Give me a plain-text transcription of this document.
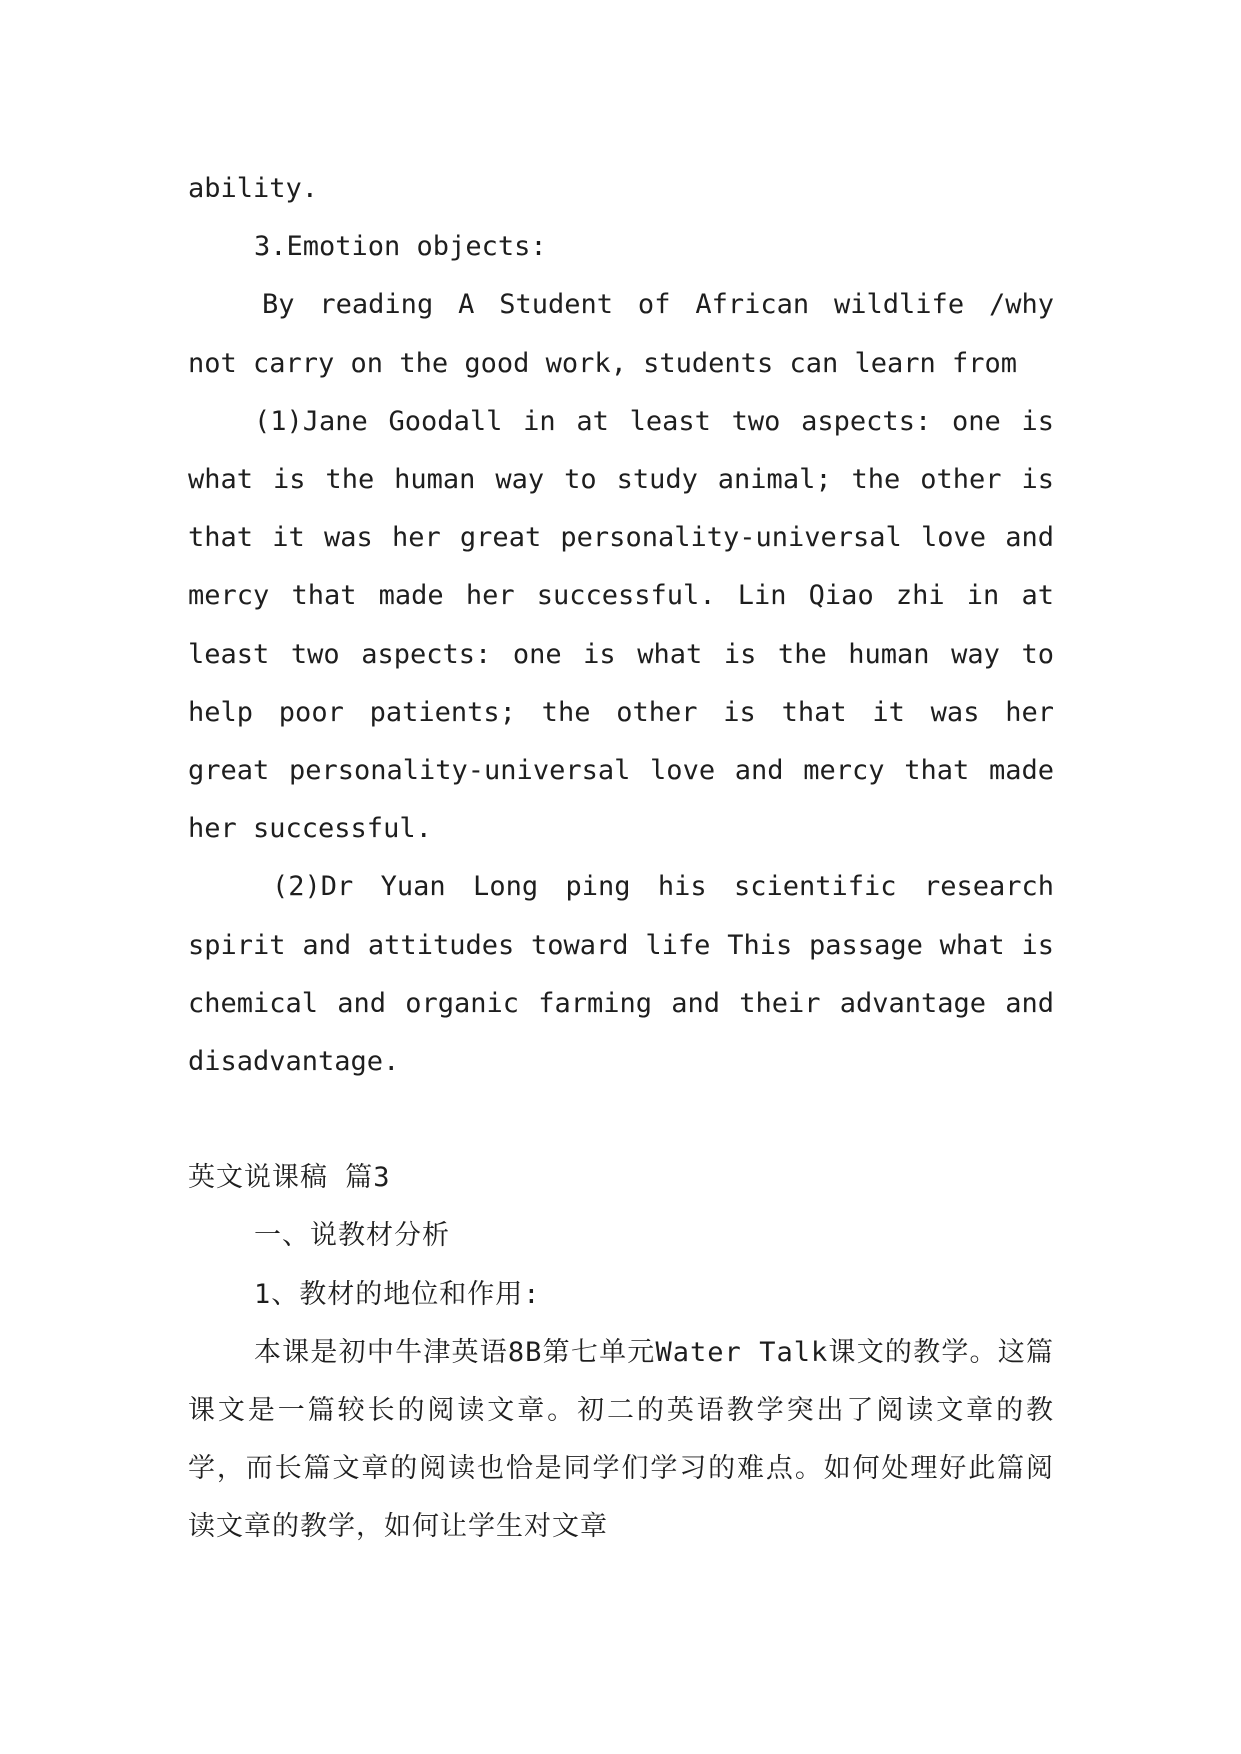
ability.

3.Emotion objects:

By reading A Student of African wildlife /why not carry on the good work, students can learn from

(1)Jane Goodall in at least two aspects: one is what is the human way to study animal; the other is that it was her great personality-universal love and mercy that made her successful. Lin Qiao zhi in at least two aspects: one is what is the human way to help poor patients; the other is that it was her great personality-universal love and mercy that made her successful.

(2)Dr Yuan Long ping his scientific research spirit and attitudes toward life This passage what is chemical and organic farming and their advantage and disadvantage.

英文说课稿 篇3

一、说教材分析

1、教材的地位和作用:

本课是初中牛津英语8B第七单元Water Talk课文的教学。这篇课文是一篇较长的阅读文章。初二的英语教学突出了阅读文章的教学，而长篇文章的阅读也恰是同学们学习的难点。如何处理好此篇阅读文章的教学，如何让学生对文章
